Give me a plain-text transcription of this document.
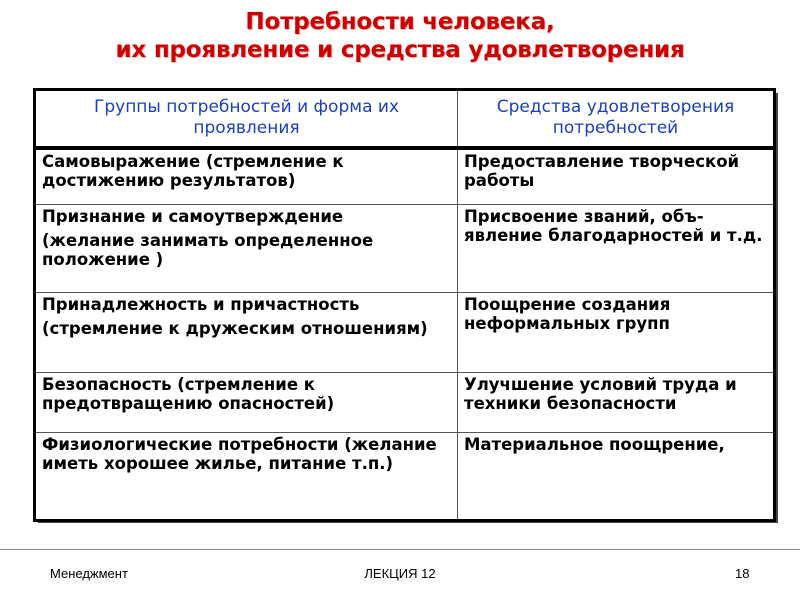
Потребности человека,
их проявление и средства удовлетворения
Группы потребностей и форма их проявления	Средства удовлетворения потребностей

Самовыражение (стремление к достижению результатов)	Предоставление творческой работы

Признание и самоутверждение
(желание занимать определенное положение )	Присвоение званий, объ-явление благодарностей и т.д.

Принадлежность и причастность
(стремление к дружеским отношениям)	Поощрение создания неформальных групп

Безопасность (стремление к предотвращению опасностей)	Улучшение условий труда и техники безопасности

Физиологические потребности (желание иметь хорошее жилье, питание т.п.)	Материальное поощрение,
Менеджмент	ЛЕКЦИЯ 12	18
